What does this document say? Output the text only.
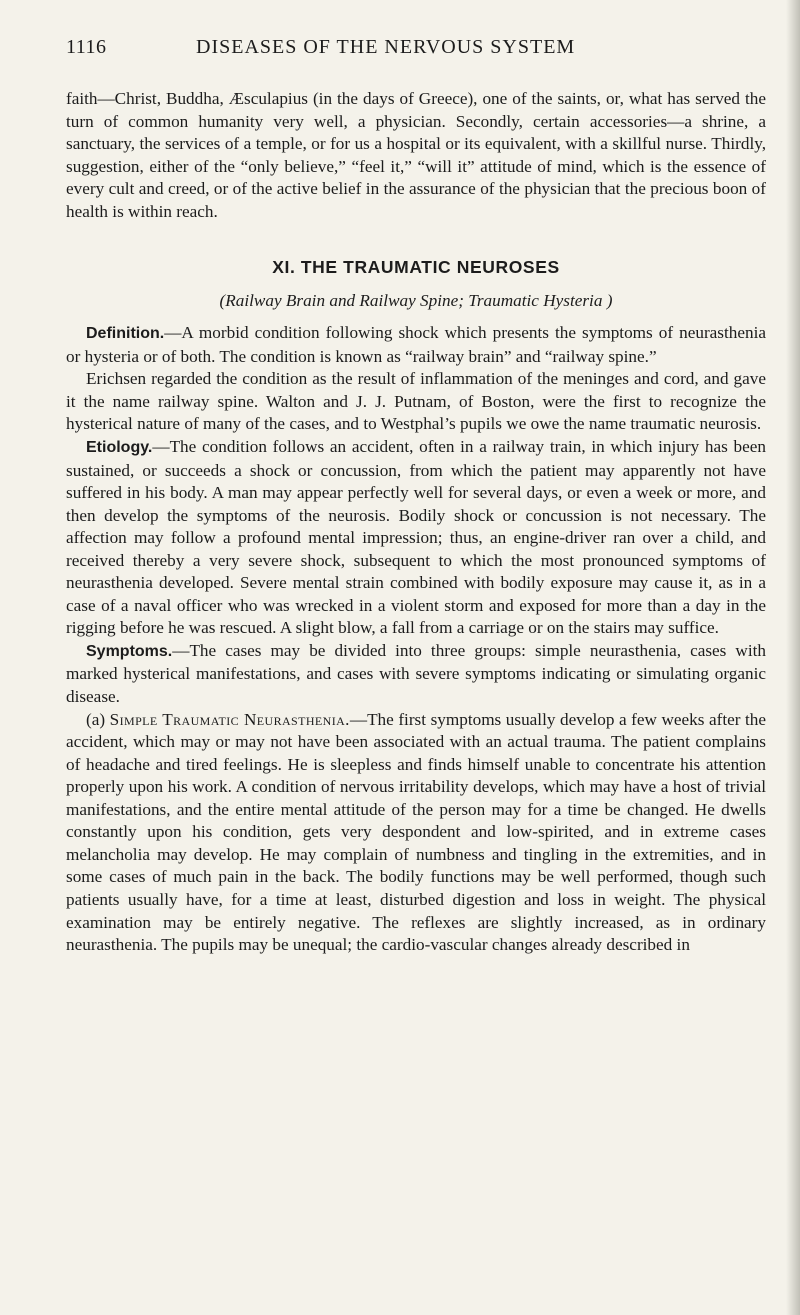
1116	DISEASES OF THE NERVOUS SYSTEM

faith—Christ, Buddha, Æsculapius (in the days of Greece), one of the saints, or, what has served the turn of common humanity very well, a physician. Secondly, certain accessories—a shrine, a sanctuary, the services of a temple, or for us a hospital or its equivalent, with a skillful nurse. Thirdly, suggestion, either of the “only believe,” “feel it,” “will it” attitude of mind, which is the essence of every cult and creed, or of the active belief in the assurance of the physician that the precious boon of health is within reach.

XI. THE TRAUMATIC NEUROSES
(Railway Brain and Railway Spine; Traumatic Hysteria )

Definition.—A morbid condition following shock which presents the symptoms of neurasthenia or hysteria or of both. The condition is known as “railway brain” and “railway spine.”

Erichsen regarded the condition as the result of inflammation of the meninges and cord, and gave it the name railway spine. Walton and J. J. Putnam, of Boston, were the first to recognize the hysterical nature of many of the cases, and to Westphal’s pupils we owe the name traumatic neurosis.

Etiology.—The condition follows an accident, often in a railway train, in which injury has been sustained, or succeeds a shock or concussion, from which the patient may apparently not have suffered in his body. A man may appear perfectly well for several days, or even a week or more, and then develop the symptoms of the neurosis. Bodily shock or concussion is not necessary. The affection may follow a profound mental impression; thus, an engine-driver ran over a child, and received thereby a very severe shock, subsequent to which the most pronounced symptoms of neurasthenia developed. Severe mental strain combined with bodily exposure may cause it, as in a case of a naval officer who was wrecked in a violent storm and exposed for more than a day in the rigging before he was rescued. A slight blow, a fall from a carriage or on the stairs may suffice.

Symptoms.—The cases may be divided into three groups: simple neurasthenia, cases with marked hysterical manifestations, and cases with severe symptoms indicating or simulating organic disease.

(a) Simple Traumatic Neurasthenia.—The first symptoms usually develop a few weeks after the accident, which may or may not have been associated with an actual trauma. The patient complains of headache and tired feelings. He is sleepless and finds himself unable to concentrate his attention properly upon his work. A condition of nervous irritability develops, which may have a host of trivial manifestations, and the entire mental attitude of the person may for a time be changed. He dwells constantly upon his condition, gets very despondent and low-spirited, and in extreme cases melancholia may develop. He may complain of numbness and tingling in the extremities, and in some cases of much pain in the back. The bodily functions may be well performed, though such patients usually have, for a time at least, disturbed digestion and loss in weight. The physical examination may be entirely negative. The reflexes are slightly increased, as in ordinary neurasthenia. The pupils may be unequal; the cardio-vascular changes already described in
